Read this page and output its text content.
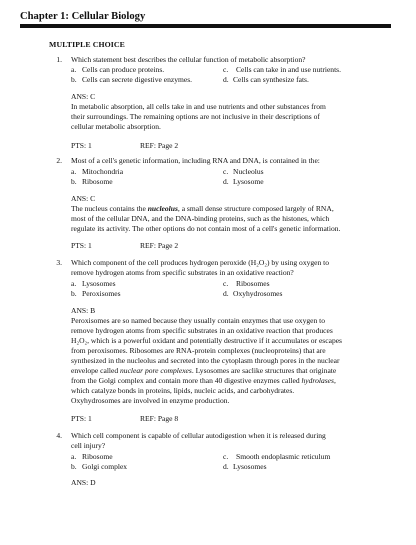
Chapter 1: Cellular Biology
MULTIPLE CHOICE
1. Which statement best describes the cellular function of metabolic absorption?
a. Cells can produce proteins.	c. Cells can take in and use nutrients.
b. Cells can secrete digestive enzymes.	d. Cells can synthesize fats.
ANS: C
In metabolic absorption, all cells take in and use nutrients and other substances from
their surroundings. The remaining options are not inclusive in their descriptions of
cellular metabolic absorption.
PTS: 1	REF: Page 2
2. Most of a cell's genetic information, including RNA and DNA, is contained in the:
a. Mitochondria	c. Nucleolus
b. Ribosome	d. Lysosome
ANS: C
The nucleus contains the nucleolus, a small dense structure composed largely of RNA,
most of the cellular DNA, and the DNA-binding proteins, such as the histones, which
regulate its activity. The other options do not contain most of a cell's genetic information.
PTS: 1	REF: Page 2
3. Which component of the cell produces hydrogen peroxide (H₂O₂) by using oxygen to
remove hydrogen atoms from specific substrates in an oxidative reaction?
a. Lysosomes	c. Ribosomes
b. Peroxisomes	d. Oxyhydrosomes
ANS: B
Peroxisomes are so named because they usually contain enzymes that use oxygen to
remove hydrogen atoms from specific substrates in an oxidative reaction that produces
H₂O₂, which is a powerful oxidant and potentially destructive if it accumulates or escapes
from peroxisomes. Ribosomes are RNA-protein complexes (nucleoproteins) that are
synthesized in the nucleolus and secreted into the cytoplasm through pores in the nuclear
envelope called nuclear pore complexes. Lysosomes are saclike structures that originate
from the Golgi complex and contain more than 40 digestive enzymes called hydrolases,
which catalyze bonds in proteins, lipids, nucleic acids, and carbohydrates.
Oxyhydrosomes are involved in enzyme production.
PTS: 1	REF: Page 8
4. Which cell component is capable of cellular autodigestion when it is released during
cell injury?
a. Ribosome	c. Smooth endoplasmic reticulum
b. Golgi complex	d. Lysosomes
ANS: D
